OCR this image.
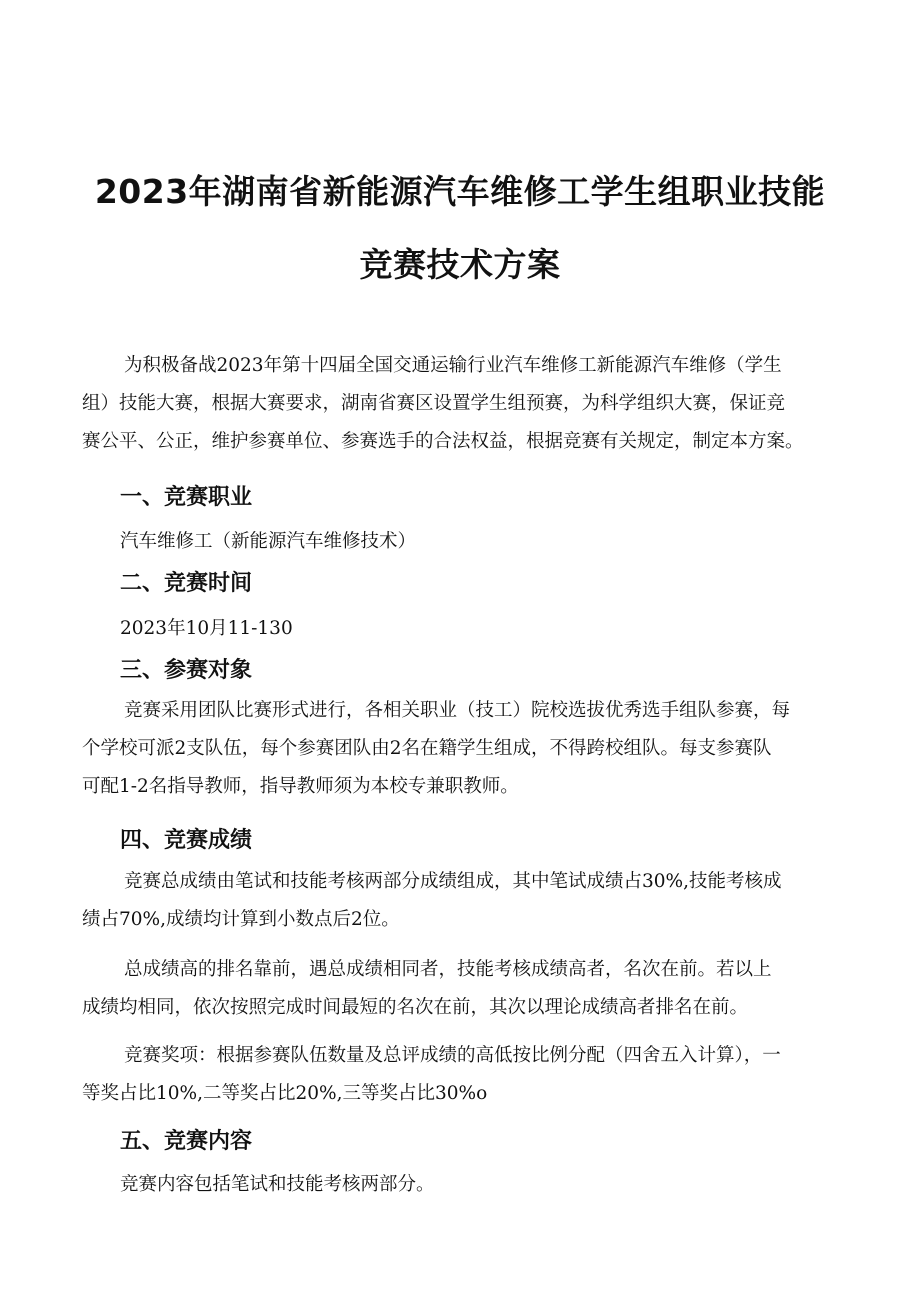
2023年湖南省新能源汽车维修工学生组职业技能
竞赛技术方案
为积极备战2023年第十四届全国交通运输行业汽车维修工新能源汽车维修（学生
组）技能大赛，根据大赛要求，湖南省赛区设置学生组预赛，为科学组织大赛，保证竞
赛公平、公正，维护参赛单位、参赛选手的合法权益，根据竞赛有关规定，制定本方案。
一、竞赛职业

汽车维修工（新能源汽车维修技术）

二、竞赛时间

2023年10月11-130

三、参赛对象
竞赛采用团队比赛形式进行，各相关职业（技工）院校选拔优秀选手组队参赛，每
个学校可派2支队伍，每个参赛团队由2名在籍学生组成，不得跨校组队。每支参赛队
可配1-2名指导教师，指导教师须为本校专兼职教师。
四、竞赛成绩
竞赛总成绩由笔试和技能考核两部分成绩组成，其中笔试成绩占30%,技能考核成
绩占70%,成绩均计算到小数点后2位。
总成绩高的排名靠前，遇总成绩相同者，技能考核成绩高者，名次在前。若以上
成绩均相同，依次按照完成时间最短的名次在前，其次以理论成绩高者排名在前。
竞赛奖项：根据参赛队伍数量及总评成绩的高低按比例分配（四舍五入计算），一
等奖占比10%,二等奖占比20%,三等奖占比30%o
五、竞赛内容

竞赛内容包括笔试和技能考核两部分。
